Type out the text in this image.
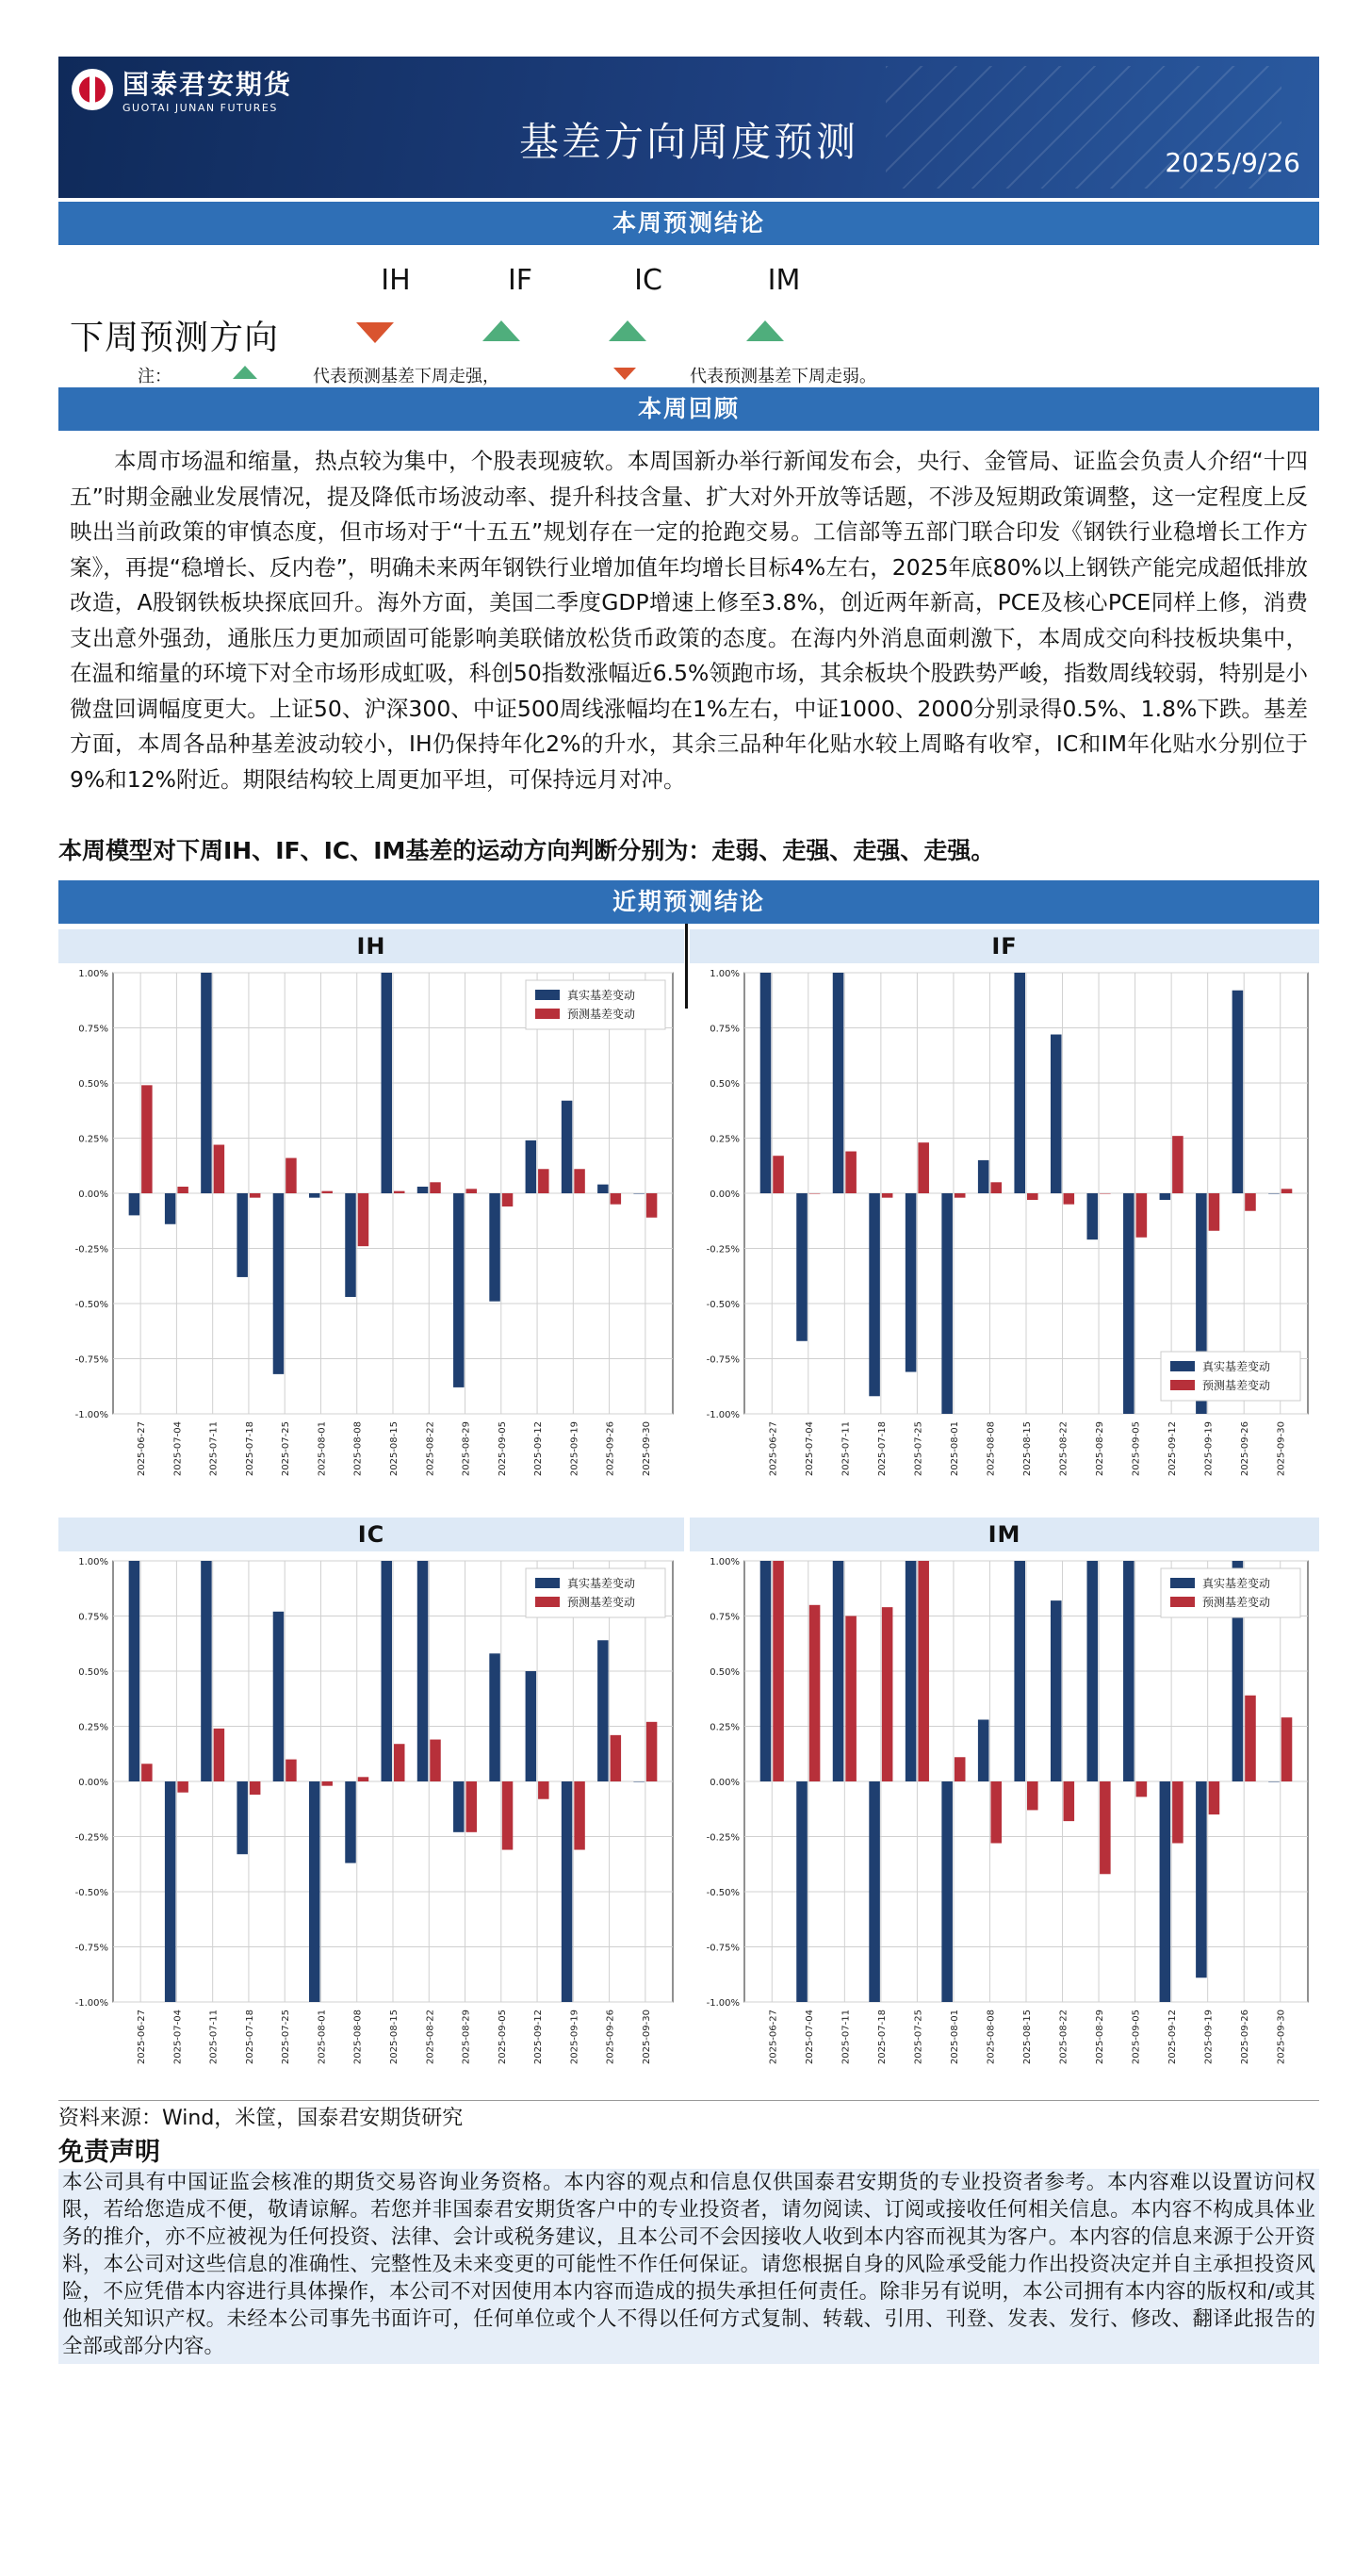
国泰君安期货
GUOTAI JUNAN FUTURES
基差方向周度预测	2025/9/26
本周预测结论
IH	IF	IC	IM
下周预测方向
注：	代表预测基差下周走强，	代表预测基差下周走弱。
本周回顾

本周市场温和缩量，热点较为集中，个股表现疲软。本周国新办举行新闻发布会，央行、金管局、证监会负责人介绍“十四五”时期金融业发展情况，提及降低市场波动率、提升科技含量、扩大对外开放等话题，不涉及短期政策调整，这一定程度上反映出当前政策的审慎态度，但市场对于“十五五”规划存在一定的抢跑交易。工信部等五部门联合印发《钢铁行业稳增长工作方案》，再提“稳增长、反内卷”，明确未来两年钢铁行业增加值年均增长目标4%左右，2025年底80%以上钢铁产能完成超低排放改造，A股钢铁板块探底回升。海外方面，美国二季度GDP增速上修至3.8%，创近两年新高，PCE及核心PCE同样上修，消费支出意外强劲，通胀压力更加顽固可能影响美联储放松货币政策的态度。在海内外消息面刺激下，本周成交向科技板块集中，在温和缩量的环境下对全市场形成虹吸，科创50指数涨幅近6.5%领跑市场，其余板块个股跌势严峻，指数周线较弱，特别是小微盘回调幅度更大。上证50、沪深300、中证500周线涨幅均在1%左右，中证1000、2000分别录得0.5%、1.8%下跌。基差方面，本周各品种基差波动较小，IH仍保持年化2%的升水，其余三品种年化贴水较上周略有收窄，IC和IM年化贴水分别位于9%和12%附近。期限结构较上周更加平坦，可保持远月对冲。

本周模型对下周IH、IF、IC、IM基差的运动方向判断分别为：走弱、走强、走强、走强。
近期预测结论
IH	IF
IC	IM
1.00%
0.75%
0.50%
0.25%
0.00%
-0.25%
-0.50%
-0.75%
-1.00%
2025-06-27	2025-07-04	2025-07-11	2025-07-18	2025-07-25	2025-08-01	2025-08-08	2025-08-15	2025-08-22	2025-08-29	2025-09-05	2025-09-12	2025-09-19	2025-09-26	2025-09-30
真实基差变动
预测基差变动
1.00%
0.75%
0.50%
0.25%
0.00%
-0.25%
-0.50%
-0.75%
-1.00%
2025-06-27	2025-07-04	2025-07-11	2025-07-18	2025-07-25	2025-08-01	2025-08-08	2025-08-15	2025-08-22	2025-08-29	2025-09-05	2025-09-12	2025-09-19	2025-09-26	2025-09-30
真实基差变动
预测基差变动
1.00%
0.75%
0.50%
0.25%
0.00%
-0.25%
-0.50%
-0.75%
-1.00%
2025-06-27	2025-07-04	2025-07-11	2025-07-18	2025-07-25	2025-08-01	2025-08-08	2025-08-15	2025-08-22	2025-08-29	2025-09-05	2025-09-12	2025-09-19	2025-09-26	2025-09-30
真实基差变动
预测基差变动
1.00%
0.75%
0.50%
0.25%
0.00%
-0.25%
-0.50%
-0.75%
-1.00%
2025-06-27	2025-07-04	2025-07-11	2025-07-18	2025-07-25	2025-08-01	2025-08-08	2025-08-15	2025-08-22	2025-08-29	2025-09-05	2025-09-12	2025-09-19	2025-09-26	2025-09-30
真实基差变动
预测基差变动
资料来源：Wind，米筐，国泰君安期货研究
免责声明
本公司具有中国证监会核准的期货交易咨询业务资格。本内容的观点和信息仅供国泰君安期货的专业投资者参考。本内容难以设置访问权限，若给您造成不便，敬请谅解。若您并非国泰君安期货客户中的专业投资者，请勿阅读、订阅或接收任何相关信息。本内容不构成具体业务的推介，亦不应被视为任何投资、法律、会计或税务建议，且本公司不会因接收人收到本内容而视其为客户。本内容的信息来源于公开资料，本公司对这些信息的准确性、完整性及未来变更的可能性不作任何保证。请您根据自身的风险承受能力作出投资决定并自主承担投资风险，不应凭借本内容进行具体操作，本公司不对因使用本内容而造成的损失承担任何责任。除非另有说明，本公司拥有本内容的版权和/或其他相关知识产权。未经本公司事先书面许可，任何单位或个人不得以任何方式复制、转载、引用、刊登、发表、发行、修改、翻译此报告的全部或部分内容。
